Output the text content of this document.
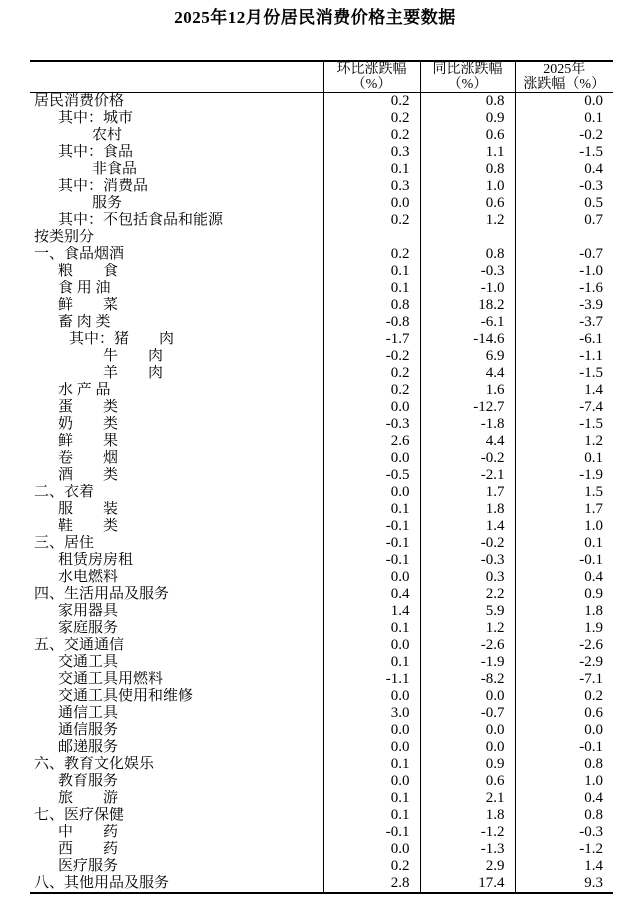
2025年12月份居民消费价格主要数据

环比涨跌幅
（%）

同比涨跌幅
（%）

2025年
涨跌幅（%）

居民消费价格	0.2	0.8	0.0
其中：城市	0.2	0.9	0.1
农村	0.2	0.6	-0.2
其中：食品	0.3	1.1	-1.5
非食品	0.1	0.8	0.4
其中：消费品	0.3	1.0	-0.3
服务	0.0	0.6	0.5
其中：不包括食品和能源	0.2	1.2	0.7
按类别分			
一、食品烟酒	0.2	0.8	-0.7
粮　　食	0.1	-0.3	-1.0
食 用 油	0.1	-1.0	-1.6
鲜　　菜	0.8	18.2	-3.9
畜 肉 类	-0.8	-6.1	-3.7
其中：猪　　肉	-1.7	-14.6	-6.1
牛　　肉	-0.2	6.9	-1.1
羊　　肉	0.2	4.4	-1.5
水 产 品	0.2	1.6	1.4
蛋　　类	0.0	-12.7	-7.4
奶　　类	-0.3	-1.8	-1.5
鲜　　果	2.6	4.4	1.2
卷　　烟	0.0	-0.2	0.1
酒　　类	-0.5	-2.1	-1.9
二、衣着	0.0	1.7	1.5
服　　装	0.1	1.8	1.7
鞋　　类	-0.1	1.4	1.0
三、居住	-0.1	-0.2	0.1
租赁房房租	-0.1	-0.3	-0.1
水电燃料	0.0	0.3	0.4
四、生活用品及服务	0.4	2.2	0.9
家用器具	1.4	5.9	1.8
家庭服务	0.1	1.2	1.9
五、交通通信	0.0	-2.6	-2.6
交通工具	0.1	-1.9	-2.9
交通工具用燃料	-1.1	-8.2	-7.1
交通工具使用和维修	0.0	0.0	0.2
通信工具	3.0	-0.7	0.6
通信服务	0.0	0.0	0.0
邮递服务	0.0	0.0	-0.1
六、教育文化娱乐	0.1	0.9	0.8
教育服务	0.0	0.6	1.0
旅　　游	0.1	2.1	0.4
七、医疗保健	0.1	1.8	0.8
中　　药	-0.1	-1.2	-0.3
西　　药	0.0	-1.3	-1.2
医疗服务	0.2	2.9	1.4
八、其他用品及服务	2.8	17.4	9.3
